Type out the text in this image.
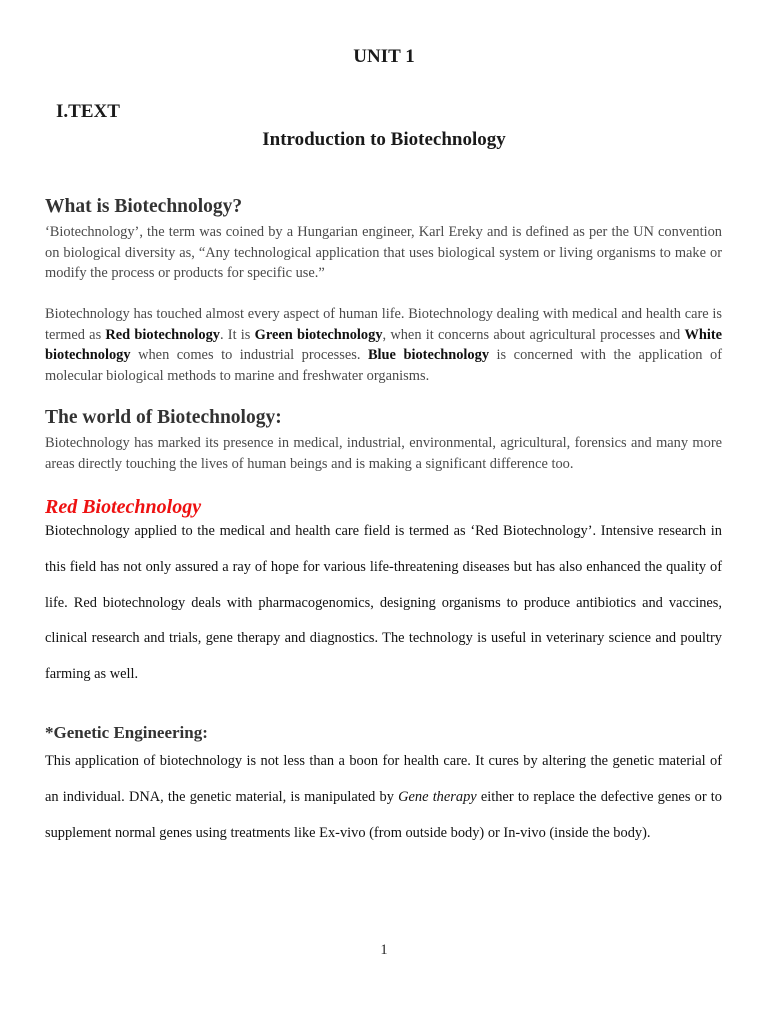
UNIT 1

I.TEXT

Introduction to Biotechnology

What is Biotechnology?

‘Biotechnology’, the term was coined by a Hungarian engineer, Karl Ereky and is defined as per the UN convention on biological diversity as, “Any technological application that uses biological system or living organisms to make or modify the process or products for specific use.”

Biotechnology has touched almost every aspect of human life. Biotechnology dealing with medical and health care is termed as Red biotechnology. It is Green biotechnology, when it concerns about agricultural processes and White biotechnology when comes to industrial processes. Blue biotechnology is concerned with the application of molecular biological methods to marine and freshwater organisms.

The world of Biotechnology:

Biotechnology has marked its presence in medical, industrial, environmental, agricultural, forensics and many more areas directly touching the lives of human beings and is making a significant difference too.

Red Biotechnology

Biotechnology applied to the medical and health care field is termed as ‘Red Biotechnology’. Intensive research in this field has not only assured a ray of hope for various life-threatening diseases but has also enhanced the quality of life. Red biotechnology deals with pharmacogenomics, designing organisms to produce antibiotics and vaccines, clinical research and trials, gene therapy and diagnostics. The technology is useful in veterinary science and poultry farming as well.

*Genetic Engineering:

This application of biotechnology is not less than a boon for health care. It cures by altering the genetic material of an individual. DNA, the genetic material, is manipulated by Gene therapy either to replace the defective genes or to supplement normal genes using treatments like Ex-vivo (from outside body) or In-vivo (inside the body).

1
